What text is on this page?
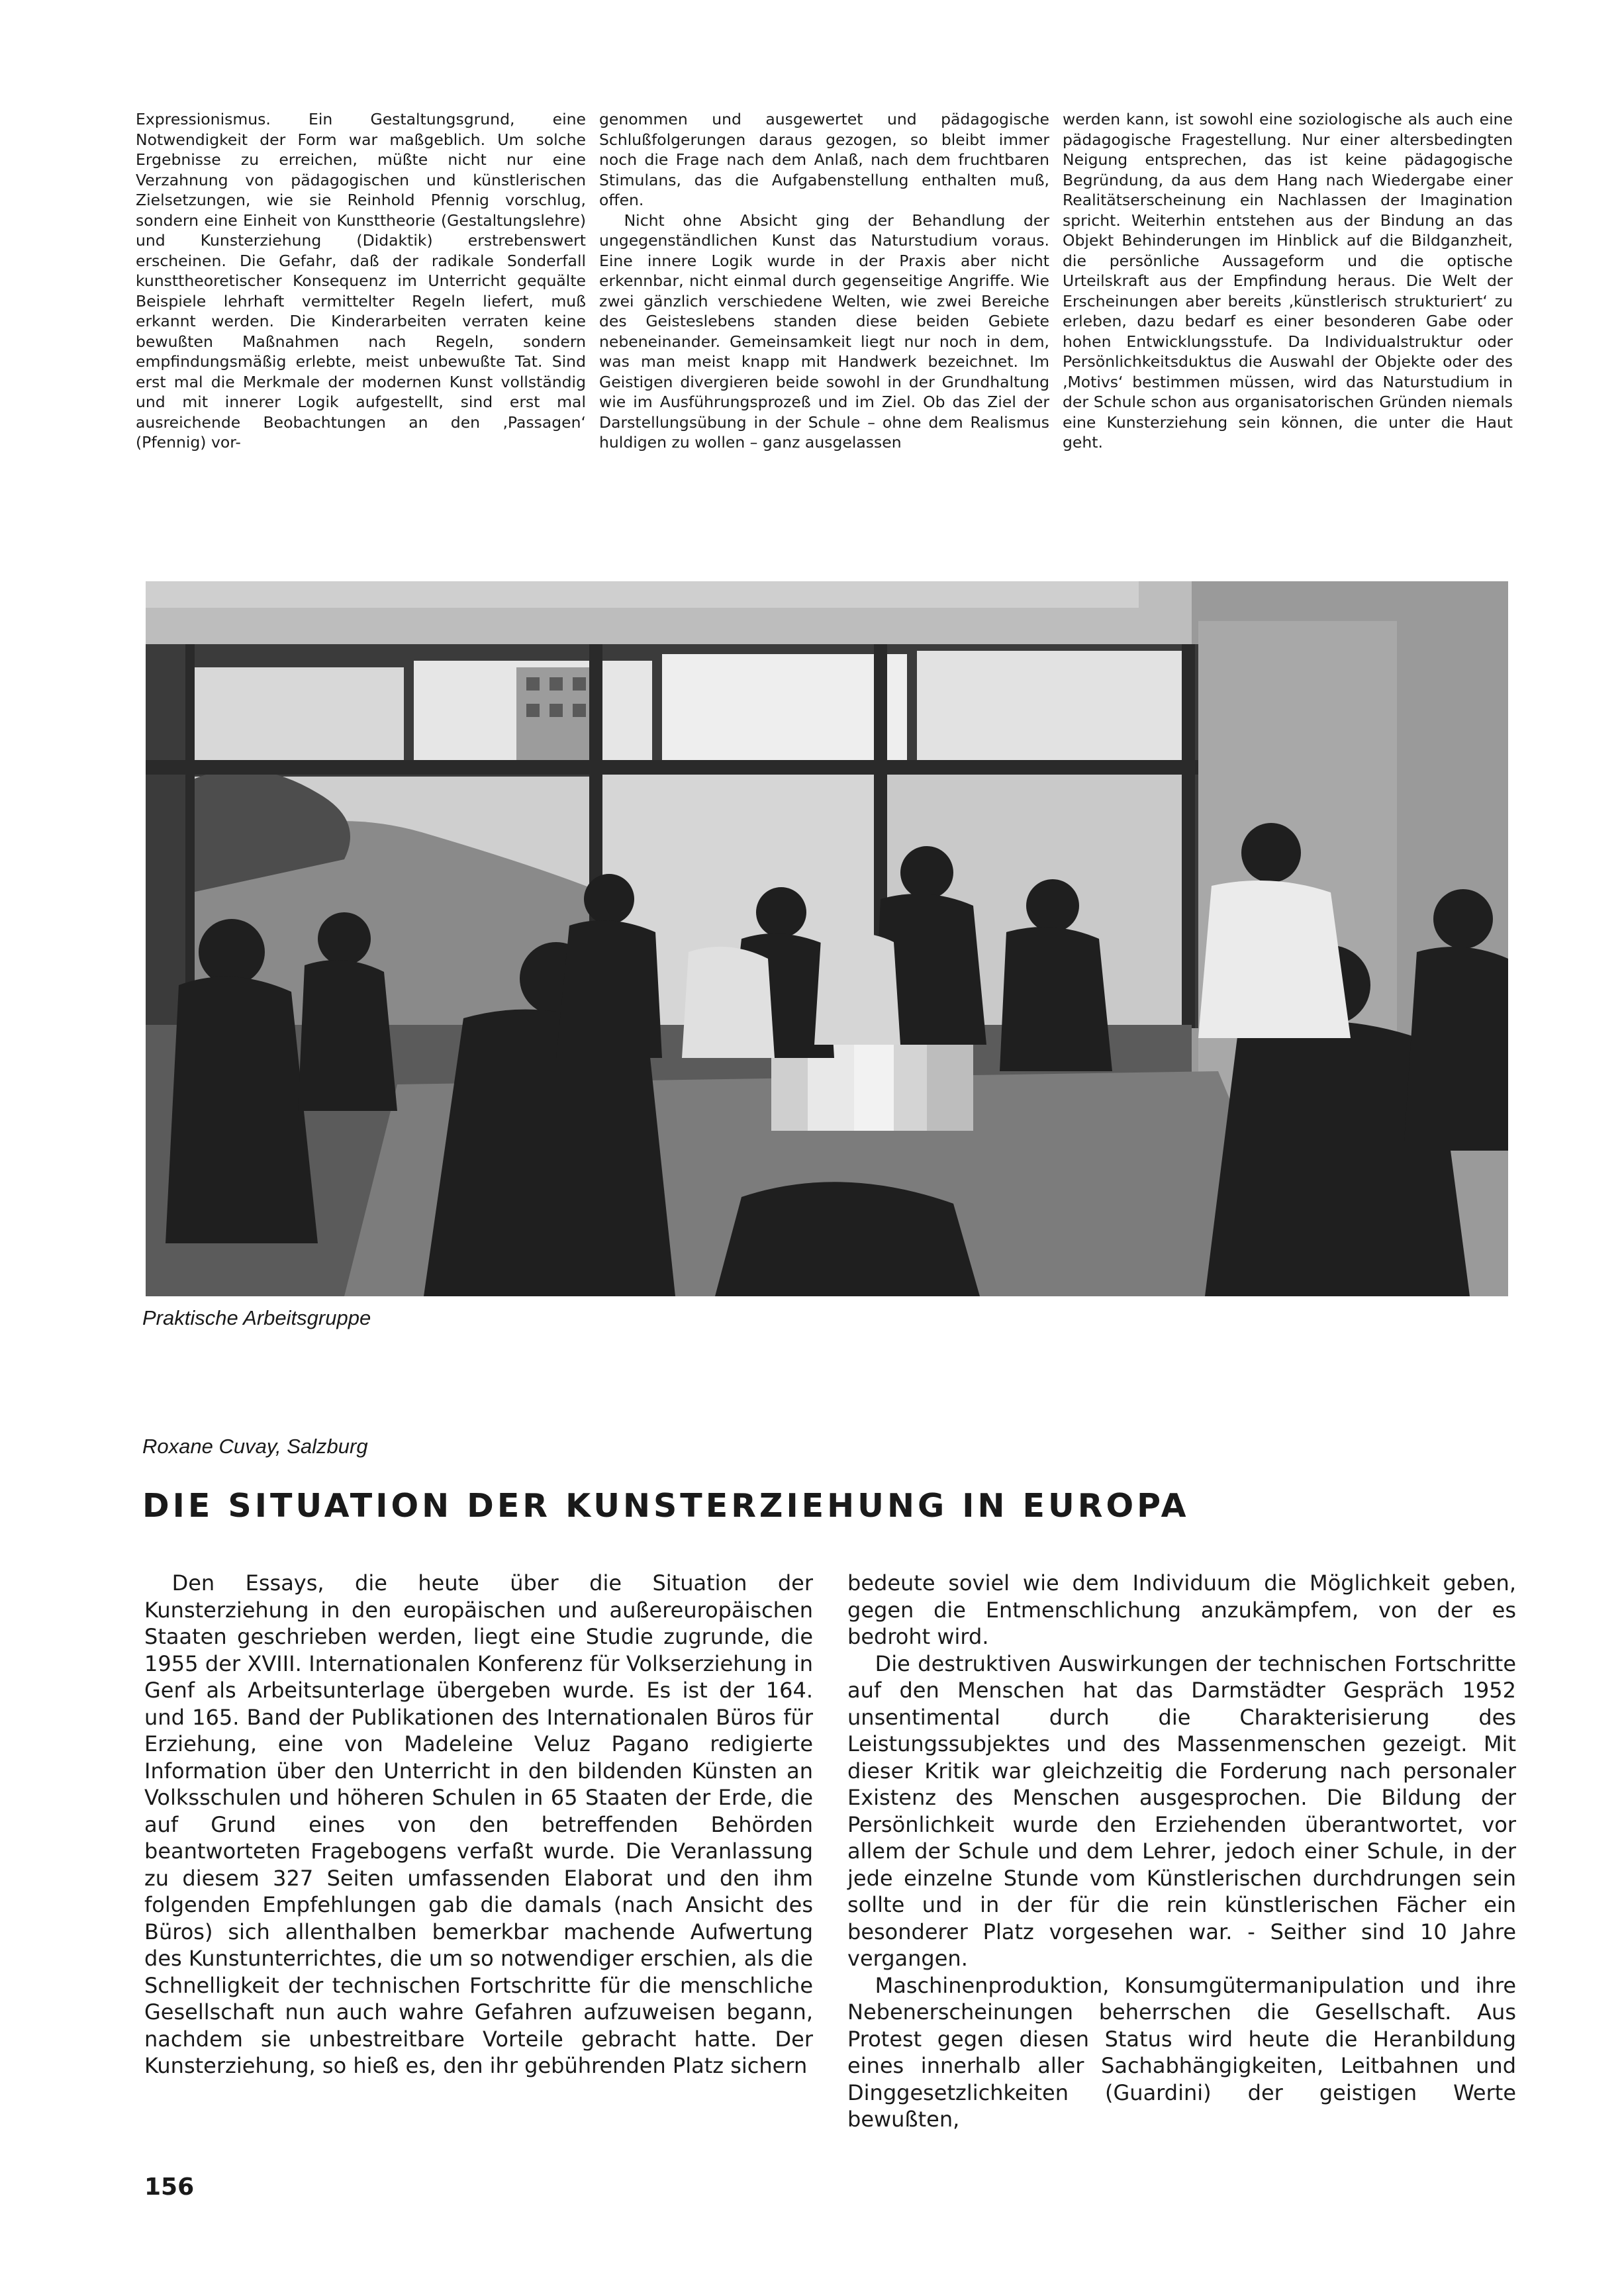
Expressionismus. Ein Gestaltungsgrund, eine Notwendigkeit der Form war maßgeblich. Um solche Ergebnisse zu erreichen, müßte nicht nur eine Verzahnung von pädagogischen und künstlerischen Zielsetzungen, wie sie Reinhold Pfennig vorschlug, sondern eine Einheit von Kunsttheorie (Gestaltungslehre) und Kunsterziehung (Didaktik) erstrebenswert erscheinen. Die Gefahr, daß der radikale Sonderfall kunsttheoretischer Konsequenz im Unterricht gequälte Beispiele lehrhaft vermittelter Regeln liefert, muß erkannt werden. Die Kinderarbeiten verraten keine bewußten Maßnahmen nach Regeln, sondern empfindungsmäßig erlebte, meist unbewußte Tat. Sind erst mal die Merkmale der modernen Kunst vollständig und mit innerer Logik aufgestellt, sind erst mal ausreichende Beobachtungen an den ‚Passagen‘ (Pfennig) vor-

genommen und ausgewertet und pädagogische Schlußfolgerungen daraus gezogen, so bleibt immer noch die Frage nach dem Anlaß, nach dem fruchtbaren Stimulans, das die Aufgabenstellung enthalten muß, offen.

Nicht ohne Absicht ging der Behandlung der ungegenständlichen Kunst das Naturstudium voraus. Eine innere Logik wurde in der Praxis aber nicht erkennbar, nicht einmal durch gegenseitige Angriffe. Wie zwei gänzlich verschiedene Welten, wie zwei Bereiche des Geisteslebens standen diese beiden Gebiete nebeneinander. Gemeinsamkeit liegt nur noch in dem, was man meist knapp mit Handwerk bezeichnet. Im Geistigen divergieren beide sowohl in der Grundhaltung wie im Ausführungsprozeß und im Ziel. Ob das Ziel der Darstellungsübung in der Schule – ohne dem Realismus huldigen zu wollen – ganz ausgelassen

werden kann, ist sowohl eine soziologische als auch eine pädagogische Fragestellung. Nur einer altersbedingten Neigung entsprechen, das ist keine pädagogische Begründung, da aus dem Hang nach Wiedergabe einer Realitätserscheinung ein Nachlassen der Imagination spricht. Weiterhin entstehen aus der Bindung an das Objekt Behinderungen im Hinblick auf die Bildganzheit, die persönliche Aussageform und die optische Urteilskraft aus der Empfindung heraus. Die Welt der Erscheinungen aber bereits ‚künstlerisch strukturiert‘ zu erleben, dazu bedarf es einer besonderen Gabe oder hohen Entwicklungsstufe. Da Individualstruktur oder Persönlichkeitsduktus die Auswahl der Objekte oder des ‚Motivs‘ bestimmen müssen, wird das Naturstudium in der Schule schon aus organisatorischen Gründen niemals eine Kunsterziehung sein können, die unter die Haut geht.

Praktische Arbeitsgruppe
Roxane Cuvay, Salzburg
DIE SITUATION DER KUNSTERZIEHUNG IN EUROPA

Den Essays, die heute über die Situation der Kunsterziehung in den europäischen und außereuropäischen Staaten geschrieben werden, liegt eine Studie zugrunde, die 1955 der XVIII. Internationalen Konferenz für Volkserziehung in Genf als Arbeitsunterlage übergeben wurde. Es ist der 164. und 165. Band der Publikationen des Internationalen Büros für Erziehung, eine von Madeleine Veluz Pagano redigierte Information über den Unterricht in den bildenden Künsten an Volksschulen und höheren Schulen in 65 Staaten der Erde, die auf Grund eines von den betreffenden Behörden beantworteten Fragebogens verfaßt wurde. Die Veranlassung zu diesem 327 Seiten umfassenden Elaborat und den ihm folgenden Empfehlungen gab die damals (nach Ansicht des Büros) sich allenthalben bemerkbar machende Aufwertung des Kunstunterrichtes, die um so notwendiger erschien, als die Schnelligkeit der technischen Fortschritte für die menschliche Gesellschaft nun auch wahre Gefahren aufzuweisen begann, nachdem sie unbestreitbare Vorteile gebracht hatte. Der Kunsterziehung, so hieß es, den ihr gebührenden Platz sichern

bedeute soviel wie dem Individuum die Möglichkeit geben, gegen die Entmenschlichung anzukämpfem, von der es bedroht wird.

Die destruktiven Auswirkungen der technischen Fortschritte auf den Menschen hat das Darmstädter Gespräch 1952 unsentimental durch die Charakterisierung des Leistungssubjektes und des Massenmenschen gezeigt. Mit dieser Kritik war gleichzeitig die Forderung nach personaler Existenz des Menschen ausgesprochen. Die Bildung der Persönlichkeit wurde den Erziehenden überantwortet, vor allem der Schule und dem Lehrer, jedoch einer Schule, in der jede einzelne Stunde vom Künstlerischen durchdrungen sein sollte und in der für die rein künstlerischen Fächer ein besonderer Platz vorgesehen war. - Seither sind 10 Jahre vergangen.

Maschinenproduktion, Konsumgütermanipulation und ihre Nebenerscheinungen beherrschen die Gesellschaft. Aus Protest gegen diesen Status wird heute die Heranbildung eines innerhalb aller Sachabhängigkeiten, Leitbahnen und Dinggesetzlichkeiten (Guardini) der geistigen Werte bewußten,

156
